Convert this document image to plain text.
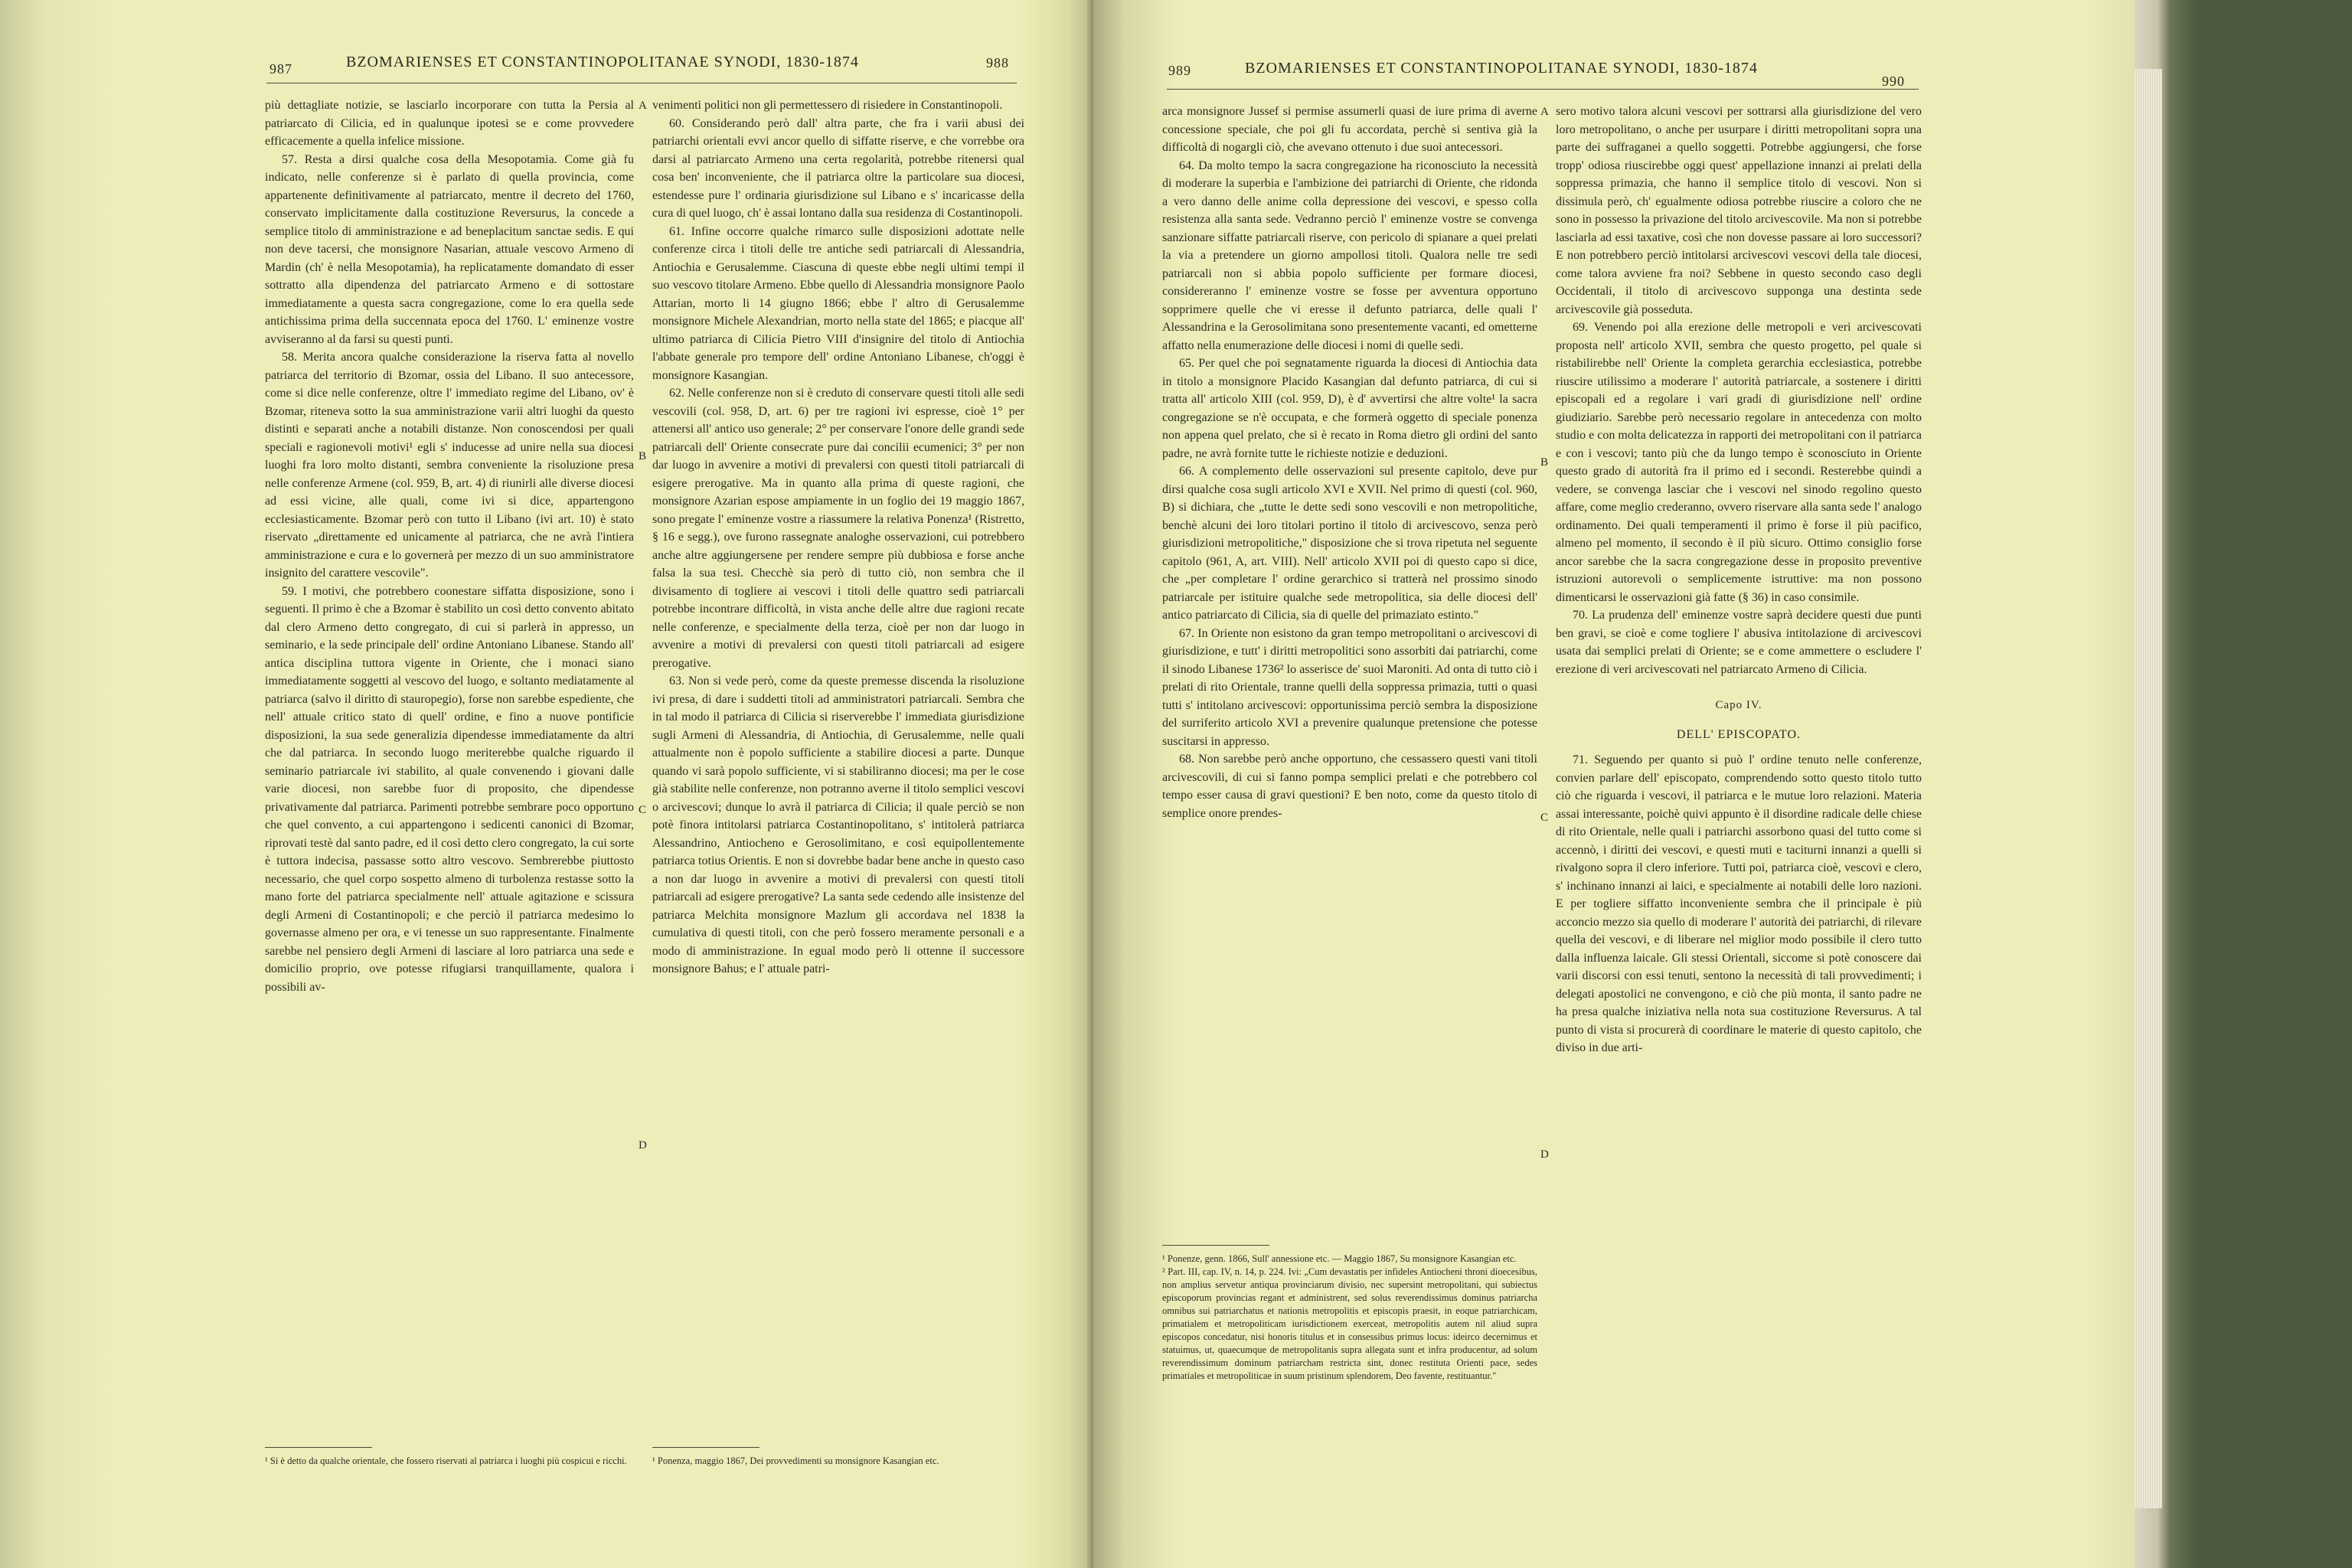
987	BZOMARIENSES ET CONSTANTINOPOLITANAE SYNODI, 1830-1874	988

più dettagliate notizie, se lasciarlo incorporare con tutta la Persia al patriarcato di Cilicia, ed in qualunque ipotesi se e come provvedere efficacemente a quella infelice missione.

57. Resta a dirsi qualche cosa della Mesopotamia. Come già fu indicato, nelle conferenze si è parlato di quella provincia, come appartenente definitivamente al patriarcato, mentre il decreto del 1760, conservato implicitamente dalla costituzione Reversurus, la concede a semplice titolo di amministrazione e ad beneplacitum sanctae sedis. E qui non deve tacersi, che monsignore Nasarian, attuale vescovo Armeno di Mardin (ch' è nella Mesopotamia), ha replicatamente domandato di esser sottratto alla dipendenza del patriarcato Armeno e di sottostare immediatamente a questa sacra congregazione, come lo era quella sede antichissima prima della succennata epoca del 1760. L' eminenze vostre avviseranno al da farsi su questi punti.

58. Merita ancora qualche considerazione la riserva fatta al novello patriarca del territorio di Bzomar, ossia del Libano. Il suo antecessore, come si dice nelle conferenze, oltre l' immediato regime del Libano, ov' è Bzomar, riteneva sotto la sua amministrazione varii altri luoghi da questo distinti e separati anche a notabili distanze. Non conoscendosi per quali speciali e ragionevoli motivi¹ egli s' inducesse ad unire nella sua diocesi luoghi fra loro molto distanti, sembra conveniente la risoluzione presa nelle conferenze Armene (col. 959, B, art. 4) di riunirli alle diverse diocesi ad essi vicine, alle quali, come ivi si dice, appartengono ecclesiasticamente. Bzomar però con tutto il Libano (ivi art. 10) è stato riservato „direttamente ed unicamente al patriarca, che ne avrà l'intiera amministrazione e cura e lo governerà per mezzo di un suo amministratore insignito del carattere vescovile".

59. I motivi, che potrebbero coonestare siffatta disposizione, sono i seguenti. Il primo è che a Bzomar è stabilito un così detto convento abitato dal clero Armeno detto congregato, di cui si parlerà in appresso, un seminario, e la sede principale dell' ordine Antoniano Libanese. Stando all' antica disciplina tuttora vigente in Oriente, che i monaci siano immediatamente soggetti al vescovo del luogo, e soltanto mediatamente al patriarca (salvo il diritto di stauropegio), forse non sarebbe espediente, che nell' attuale critico stato di quell' ordine, e fino a nuove pontificie disposizioni, la sua sede generalizia dipendesse immediatamente da altri che dal patriarca. In secondo luogo meriterebbe qualche riguardo il seminario patriarcale ivi stabilito, al quale convenendo i giovani dalle varie diocesi, non sarebbe fuor di proposito, che dipendesse privativamente dal patriarca. Parimenti potrebbe sembrare poco opportuno che quel convento, a cui appartengono i sedicenti canonici di Bzomar, riprovati testè dal santo padre, ed il così detto clero congregato, la cui sorte è tuttora indecisa, passasse sotto altro vescovo. Sembrerebbe piuttosto necessario, che quel corpo sospetto almeno di turbolenza restasse sotto la mano forte del patriarca specialmente nell' attuale agitazione e scissura degli Armeni di Costantinopoli; e che perciò il patriarca medesimo lo governasse almeno per ora, e vi tenesse un suo rappresentante. Finalmente sarebbe nel pensiero degli Armeni di lasciare al loro patriarca una sede e domicilio proprio, ove potesse rifugiarsi tranquillamente, qualora i possibili av-

¹ Si è detto da qualche orientale, che fossero riservati al patriarca i luoghi più cospicui e ricchi.

venimenti politici non gli permettessero di risiedere in Constantinopoli.

60. Considerando però dall' altra parte, che fra i varii abusi dei patriarchi orientali evvi ancor quello di siffatte riserve, e che vorrebbe ora darsi al patriarcato Armeno una certa regolarità, potrebbe ritenersi qual cosa ben' inconveniente, che il patriarca oltre la particolare sua diocesi, estendesse pure l' ordinaria giurisdizione sul Libano e s' incaricasse della cura di quel luogo, ch' è assai lontano dalla sua residenza di Costantinopoli.

61. Infine occorre qualche rimarco sulle disposizioni adottate nelle conferenze circa i titoli delle tre antiche sedi patriarcali di Alessandria, Antiochia e Gerusalemme. Ciascuna di queste ebbe negli ultimi tempi il suo vescovo titolare Armeno. Ebbe quello di Alessandria monsignore Paolo Attarian, morto li 14 giugno 1866; ebbe l' altro di Gerusalemme monsignore Michele Alexandrian, morto nella state del 1865; e piacque all' ultimo patriarca di Cilicia Pietro VIII d'insignire del titolo di Antiochia l'abbate generale pro tempore dell' ordine Antoniano Libanese, ch'oggi è monsignore Kasangian.

62. Nelle conferenze non si è creduto di conservare questi titoli alle sedi vescovili (col. 958, D, art. 6) per tre ragioni ivi espresse, cioè 1° per attenersi all' antico uso generale; 2° per conservare l'onore delle grandi sede patriarcali dell' Oriente consecrate pure dai concilii ecumenici; 3° per non dar luogo in avvenire a motivi di prevalersi con questi titoli patriarcali di esigere prerogative. Ma in quanto alla prima di queste ragioni, che monsignore Azarian espose ampiamente in un foglio dei 19 maggio 1867, sono pregate l' eminenze vostre a riassumere la relativa Ponenza¹ (Ristretto, § 16 e segg.), ove furono rassegnate analoghe osservazioni, cui potrebbero anche altre aggiungersene per rendere sempre più dubbiosa e forse anche falsa la sua tesi. Checchè sia però di tutto ciò, non sembra che il divisamento di togliere ai vescovi i titoli delle quattro sedi patriarcali potrebbe incontrare difficoltà, in vista anche delle altre due ragioni recate nelle conferenze, e specialmente della terza, cioè per non dar luogo in avvenire a motivi di prevalersi con questi titoli patriarcali ad esigere prerogative.

63. Non si vede però, come da queste premesse discenda la risoluzione ivi presa, di dare i suddetti titoli ad amministratori patriarcali. Sembra che in tal modo il patriarca di Cilicia si riserverebbe l' immediata giurisdizione sugli Armeni di Alessandria, di Antiochia, di Gerusalemme, nelle quali attualmente non è popolo sufficiente a stabilire diocesi a parte. Dunque quando vi sarà popolo sufficiente, vi si stabiliranno diocesi; ma per le cose già stabilite nelle conferenze, non potranno averne il titolo semplici vescovi o arcivescovi; dunque lo avrà il patriarca di Cilicia; il quale perciò se non potè finora intitolarsi patriarca Costantinopolitano, s' intitolerà patriarca Alessandrino, Antiocheno e Gerosolimitano, e così equipollentemente patriarca totius Orientis. E non si dovrebbe badar bene anche in questo caso a non dar luogo in avvenire a motivi di prevalersi con questi titoli patriarcali ad esigere prerogative? La santa sede cedendo alle insistenze del patriarca Melchita monsignore Mazlum gli accordava nel 1838 la cumulativa di questi titoli, con che però fossero meramente personali e a modo di amministrazione. In egual modo però li ottenne il successore monsignore Bahus; e l' attuale patri-

¹ Ponenza, maggio 1867, Dei provvedimenti su monsignore Kasangian etc.
A
B
C
D
989	BZOMARIENSES ET CONSTANTINOPOLITANAE SYNODI, 1830-1874
990

arca monsignore Jussef si permise assumerli quasi de iure prima di averne concessione speciale, che poi gli fu accordata, perchè si sentiva già la difficoltà di nogargli ciò, che avevano ottenuto i due suoi antecessori.

64. Da molto tempo la sacra congregazione ha riconosciuto la necessità di moderare la superbia e l'ambizione dei patriarchi di Oriente, che ridonda a vero danno delle anime colla depressione dei vescovi, e spesso colla resistenza alla santa sede. Vedranno perciò l' eminenze vostre se convenga sanzionare siffatte patriarcali riserve, con pericolo di spianare a quei prelati la via a pretendere un giorno ampollosi titoli. Qualora nelle tre sedi patriarcali non si abbia popolo sufficiente per formare diocesi, considereranno l' eminenze vostre se fosse per avventura opportuno sopprimere quelle che vi eresse il defunto patriarca, delle quali l' Alessandrina e la Gerosolimitana sono presentemente vacanti, ed ometterne affatto nella enumerazione delle diocesi i nomi di quelle sedi.

65. Per quel che poi segnatamente riguarda la diocesi di Antiochia data in titolo a monsignore Placido Kasangian dal defunto patriarca, di cui si tratta all' articolo XIII (col. 959, D), è d' avvertirsi che altre volte¹ la sacra congregazione se n'è occupata, e che formerà oggetto di speciale ponenza non appena quel prelato, che si è recato in Roma dietro gli ordini del santo padre, ne avrà fornite tutte le richieste notizie e deduzioni.

66. A complemento delle osservazioni sul presente capitolo, deve pur dirsi qualche cosa sugli articolo XVI e XVII. Nel primo di questi (col. 960, B) si dichiara, che „tutte le dette sedi sono vescovili e non metropolitiche, benchè alcuni dei loro titolari portino il titolo di arcivescovo, senza però giurisdizioni metropolitiche," disposizione che si trova ripetuta nel seguente capitolo (961, A, art. VIII). Nell' articolo XVII poi di questo capo si dice, che „per completare l' ordine gerarchico si tratterà nel prossimo sinodo patriarcale per istituire qualche sede metropolitica, sia delle diocesi dell' antico patriarcato di Cilicia, sia di quelle del primaziato estinto."

67. In Oriente non esistono da gran tempo metropolitani o arcivescovi di giurisdizione, e tutt' i diritti metropolitici sono assorbiti dai patriarchi, come il sinodo Libanese 1736² lo asserisce de' suoi Maroniti. Ad onta di tutto ciò i prelati di rito Orientale, tranne quelli della soppressa primazia, tutti o quasi tutti s' intitolano arcivescovi: opportunissima perciò sembra la disposizione del surriferito articolo XVI a prevenire qualunque pretensione che potesse suscitarsi in appresso.

68. Non sarebbe però anche opportuno, che cessassero questi vani titoli arcivescovili, di cui si fanno pompa semplici prelati e che potrebbero col tempo esser causa di gravi questioni? E ben noto, come da questo titolo di semplice onore prendes-

¹ Ponenze, genn. 1866, Sull' annessione etc. — Maggio 1867, Su monsignore Kasangian etc.
² Part. III, cap. IV, n. 14, p. 224. Ivi: „Cum devastatis per infideles Antiocheni throni dioecesibus, non amplius servetur antiqua provinciarum divisio, nec supersint metropolitani, qui subiectus episcoporum provincias regant et administrent, sed solus reverendissimus dominus patriarcha omnibus sui patriarchatus et nationis metropolitis et episcopis praesit, in eoque patriarchicam, primatialem et metropoliticam iurisdictionem exerceat, metropolitis autem nil aliud supra episcopos concedatur, nisi honoris titulus et in consessibus primus locus: ideirco decernimus et statuimus, ut, quaecumque de metropolitanis supra allegata sunt et infra producentur, ad solum reverendissimum dominum patriarcham restricta sint, donec restituta Orienti pace, sedes primatiales et metropoliticae in suum pristinum splendorem, Deo favente, restituantur."

sero motivo talora alcuni vescovi per sottrarsi alla giurisdizione del vero loro metropolitano, o anche per usurpare i diritti metropolitani sopra una parte dei suffraganei a quello soggetti. Potrebbe aggiungersi, che forse tropp' odiosa riuscirebbe oggi quest' appellazione innanzi ai prelati della soppressa primazia, che hanno il semplice titolo di vescovi. Non si dissimula però, ch' egualmente odiosa potrebbe riuscire a coloro che ne sono in possesso la privazione del titolo arcivescovile. Ma non si potrebbe lasciarla ad essi taxative, così che non dovesse passare ai loro successori? E non potrebbero perciò intitolarsi arcivescovi vescovi della tale diocesi, come talora avviene fra noi? Sebbene in questo secondo caso degli Occidentali, il titolo di arcivescovo supponga una destinta sede arcivescovile già posseduta.

69. Venendo poi alla erezione delle metropoli e veri arcivescovati proposta nell' articolo XVII, sembra che questo progetto, pel quale si ristabilirebbe nell' Oriente la completa gerarchia ecclesiastica, potrebbe riuscire utilissimo a moderare l' autorità patriarcale, a sostenere i diritti episcopali ed a regolare i vari gradi di giurisdizione nell' ordine giudiziario. Sarebbe però necessario regolare in antecedenza con molto studio e con molta delicatezza in rapporti dei metropolitani con il patriarca e con i vescovi; tanto più che da lungo tempo è sconosciuto in Oriente questo grado di autorità fra il primo ed i secondi. Resterebbe quindi a vedere, se convenga lasciar che i vescovi nel sinodo regolino questo affare, come meglio crederanno, ovvero riservare alla santa sede l' analogo ordinamento. Dei quali temperamenti il primo è forse il più pacifico, almeno pel momento, il secondo è il più sicuro. Ottimo consiglio forse ancor sarebbe che la sacra congregazione desse in proposito preventive istruzioni autorevoli o semplicemente istruttive: ma non possono dimenticarsi le osservazioni già fatte (§ 36) in caso consimile.

70. La prudenza dell' eminenze vostre saprà decidere questi due punti ben gravi, se cioè e come togliere l' abusiva intitolazione di arcivescovi usata dai semplici prelati di Oriente; se e come ammettere o escludere l' erezione di veri arcivescovati nel patriarcato Armeno di Cilicia.

Capo IV.

DELL' EPISCOPATO.

71. Seguendo per quanto si può l' ordine tenuto nelle conferenze, convien parlare dell' episcopato, comprendendo sotto questo titolo tutto ciò che riguarda i vescovi, il patriarca e le mutue loro relazioni. Materia assai interessante, poichè quivi appunto è il disordine radicale delle chiese di rito Orientale, nelle quali i patriarchi assorbono quasi del tutto come si accennò, i diritti dei vescovi, e questi muti e taciturni innanzi a quelli si rivalgono sopra il clero inferiore. Tutti poi, patriarca cioè, vescovi e clero, s' inchinano innanzi ai laici, e specialmente ai notabili delle loro nazioni. E per togliere siffatto inconveniente sembra che il principale è più acconcio mezzo sia quello di moderare l' autorità dei patriarchi, di rilevare quella dei vescovi, e di liberare nel miglior modo possibile il clero tutto dalla influenza laicale. Gli stessi Orientali, siccome si potè conoscere dai varii discorsi con essi tenuti, sentono la necessità di tali provvedimenti; i delegati apostolici ne convengono, e ciò che più monta, il santo padre ne ha presa qualche iniziativa nella nota sua costituzione Reversurus. A tal punto di vista si procurerà di coordinare le materie di questo capitolo, che diviso in due arti-

A
B
C
D
